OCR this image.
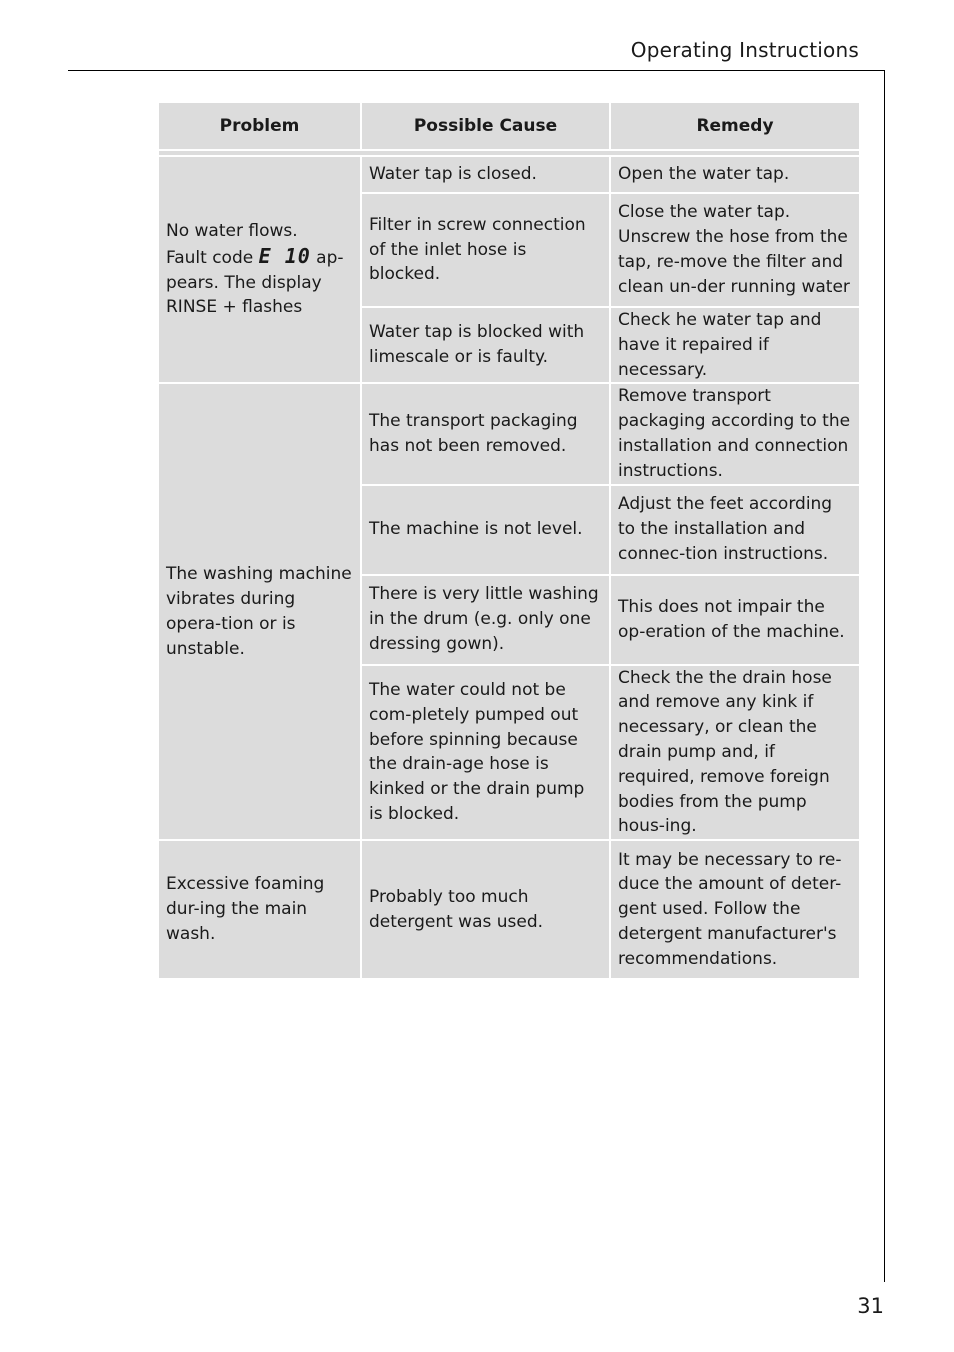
Operating Instructions
Problem	Possible Cause	Remedy

No water flows.
Fault code E 10 ap-
pears. The display
RINSE + flashes	Water tap is closed.	Open the water tap.
	Filter in screw connection of the inlet hose is blocked.	Close the water tap. Unscrew the hose from the tap, re-move the filter and clean un-der running water
	Water tap is blocked with limescale or is faulty.	Check he water tap and have it repaired if necessary.
The washing machine vibrates during opera-tion or is unstable.	The transport packaging has not been removed.	Remove transport packaging according to the installation and connection instructions.
	The machine is not level.	Adjust the feet according to the installation and connec-tion instructions.
	There is very little washing in the drum (e.g. only one dressing gown).	This does not impair the op-eration of the machine.
	The water could not be com-pletely pumped out before spinning because the drain-age hose is kinked or the drain pump is blocked.	Check the the drain hose and remove any kink if necessary, or clean the drain pump and, if required, remove foreign bodies from the pump hous-ing.
Excessive foaming dur-ing the main wash.	Probably too much detergent was used.	It may be necessary to re-duce the amount of deter-gent used. Follow the detergent manufacturer's recommendations.
31
